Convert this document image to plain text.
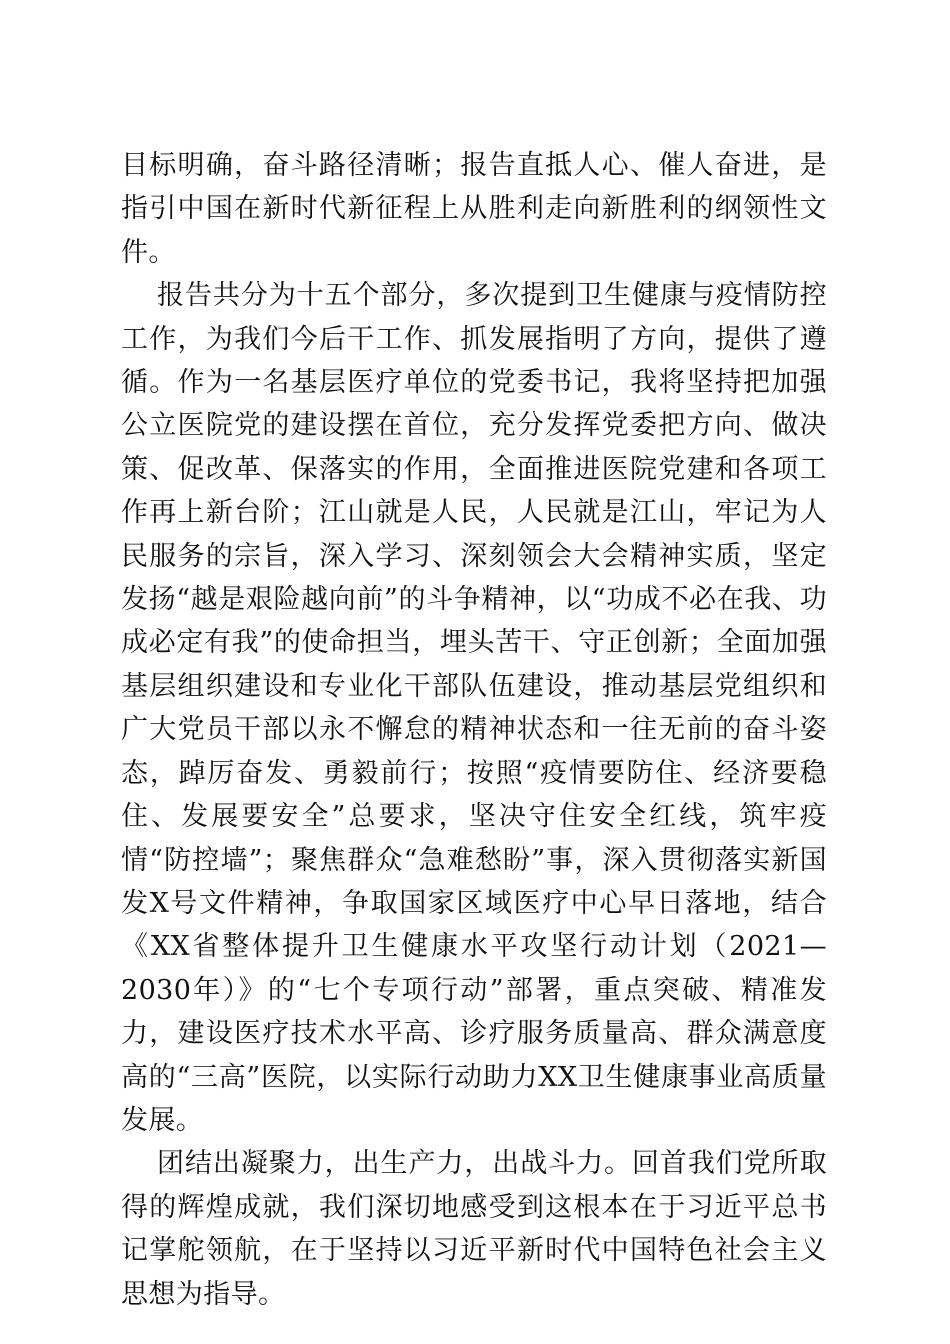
目标明确，奋斗路径清晰；报告直抵人心、催人奋进，是指引中国在新时代新征程上从胜利走向新胜利的纲领性文件。

报告共分为十五个部分，多次提到卫生健康与疫情防控工作，为我们今后干工作、抓发展指明了方向，提供了遵循。作为一名基层医疗单位的党委书记，我将坚持把加强公立医院党的建设摆在首位，充分发挥党委把方向、做决策、促改革、保落实的作用，全面推进医院党建和各项工作再上新台阶；江山就是人民，人民就是江山，牢记为人民服务的宗旨，深入学习、深刻领会大会精神实质，坚定发扬“越是艰险越向前”的斗争精神，以“功成不必在我、功成必定有我”的使命担当，埋头苦干、守正创新；全面加强基层组织建设和专业化干部队伍建设，推动基层党组织和广大党员干部以永不懈怠的精神状态和一往无前的奋斗姿态，踔厉奋发、勇毅前行；按照“疫情要防住、经济要稳住、发展要安全”总要求，坚决守住安全红线，筑牢疫情“防控墙”；聚焦群众“急难愁盼”事，深入贯彻落实新国发X号文件精神，争取国家区域医疗中心早日落地，结合《XX省整体提升卫生健康水平攻坚行动计划（2021—2030年）》的“七个专项行动”部署，重点突破、精准发力，建设医疗技术水平高、诊疗服务质量高、群众满意度高的“三高”医院，以实际行动助力XX卫生健康事业高质量发展。

团结出凝聚力，出生产力，出战斗力。回首我们党所取得的辉煌成就，我们深切地感受到这根本在于习近平总书记掌舵领航，在于坚持以习近平新时代中国特色社会主义思想为指导。
